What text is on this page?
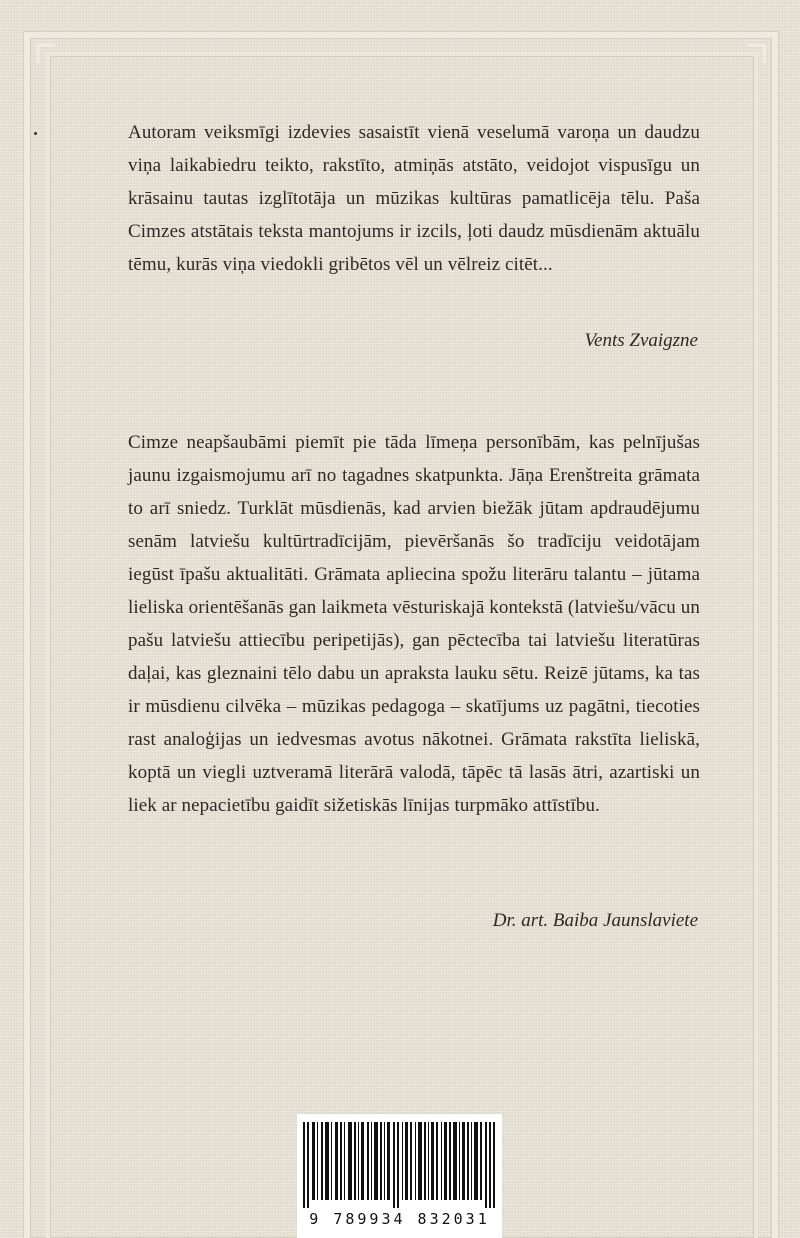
Autoram veiksmīgi izdevies sasaistīt vienā veselumā varoņa un daudzu viņa laikabiedru teikto, rakstīto, atmiņās atstāto, veidojot vispusīgu un krāsainu tautas izglītotāja un mūzikas kultūras pamatlicēja tēlu. Paša Cimzes atstātais teksta mantojums ir izcils, ļoti daudz mūsdienām aktuālu tēmu, kurās viņa viedokli gribētos vēl un vēlreiz citēt...

Vents Zvaigzne

Cimze neapšaubāmi piemīt pie tāda līmeņa personībām, kas pelnījušas jaunu izgaismojumu arī no tagadnes skatpunkta. Jāņa Erenštreita grāmata to arī sniedz. Turklāt mūsdienās, kad arvien biežāk jūtam apdraudējumu senām latviešu kultūrtradīcijām, pievēršanās šo tradīciju veidotājam iegūst īpašu aktualitāti. Grāmata apliecina spožu literāru talantu – jūtama lieliska orientēšanās gan laikmeta vēsturiskajā kontekstā (latviešu/vācu un pašu latviešu attiecību peripetijās), gan pēctecība tai latviešu literatūras daļai, kas gleznaini tēlo dabu un apraksta lauku sētu. Reizē jūtams, ka tas ir mūsdienu cilvēka – mūzikas pedagoga – skatījums uz pagātni, tiecoties rast analoģijas un iedvesmas avotus nākotnei. Grāmata rakstīta lieliskā, koptā un viegli uztveramā literārā valodā, tāpēc tā lasās ātri, azartiski un liek ar nepacietību gaidīt sižetiskās līnijas turpmāko attīstību.

Dr. art. Baiba Jaunslaviete
9 789934 832031
